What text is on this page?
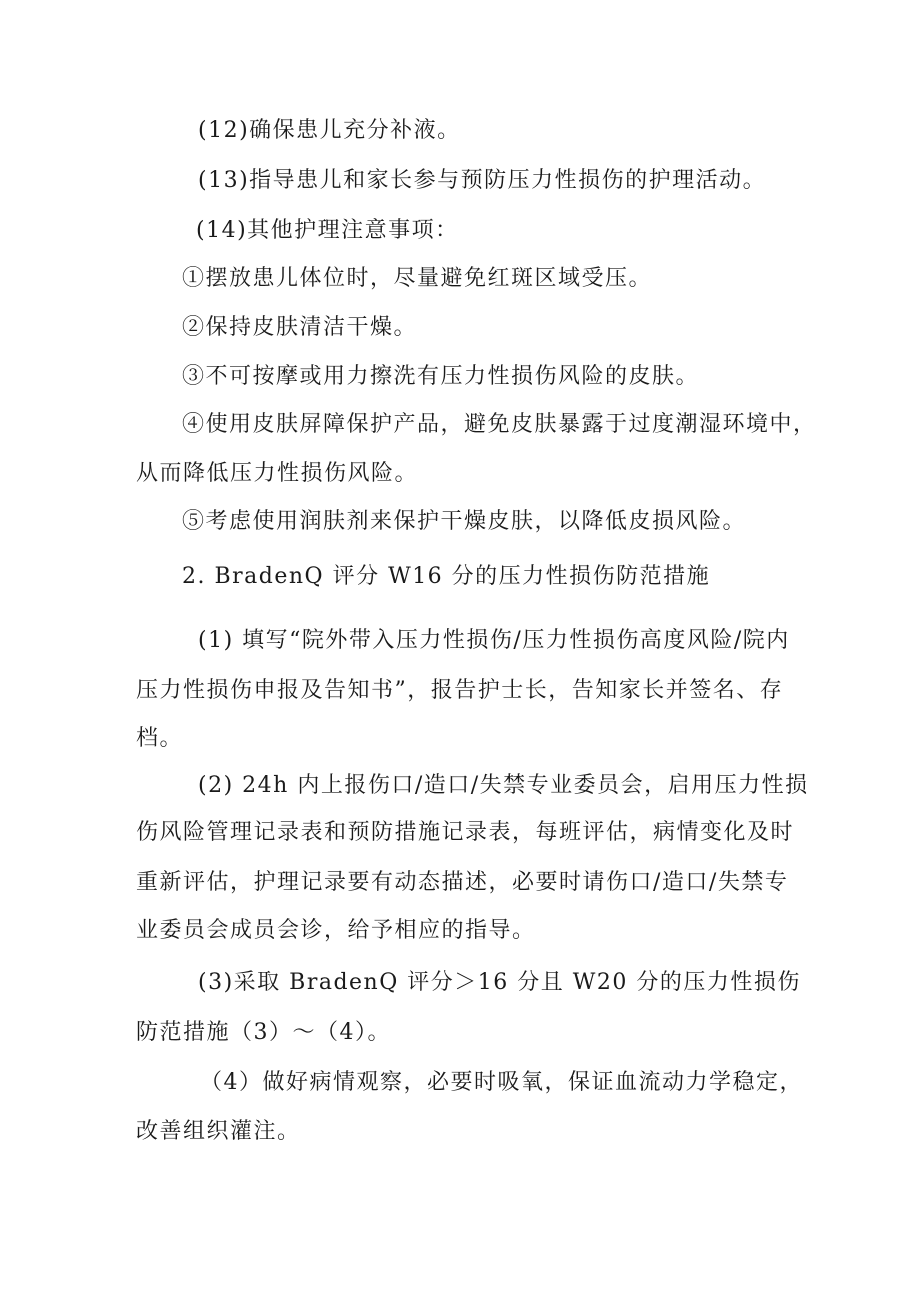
(12)确保患儿充分补液。
(13)指导患儿和家长参与预防压力性损伤的护理活动。
(14)其他护理注意事项：
①摆放患儿体位时，尽量避免红斑区域受压。
②保持皮肤清洁干燥。
③不可按摩或用力擦洗有压力性损伤风险的皮肤。
④使用皮肤屏障保护产品，避免皮肤暴露于过度潮湿环境中，
从而降低压力性损伤风险。
⑤考虑使用润肤剂来保护干燥皮肤，以降低皮损风险。
2. BradenQ 评分 W16 分的压力性损伤防范措施
(1) 填写“院外带入压力性损伤/压力性损伤高度风险/院内
压力性损伤申报及告知书”，报告护士长，告知家长并签名、存
档。
(2) 24h 内上报伤口/造口/失禁专业委员会，启用压力性损
伤风险管理记录表和预防措施记录表，每班评估，病情变化及时
重新评估，护理记录要有动态描述，必要时请伤口/造口/失禁专
业委员会成员会诊，给予相应的指导。
(3)采取 BradenQ 评分＞16 分且 W20 分的压力性损伤
防范措施（3）～（4）。
（4）做好病情观察，必要时吸氧，保证血流动力学稳定，
改善组织灌注。
